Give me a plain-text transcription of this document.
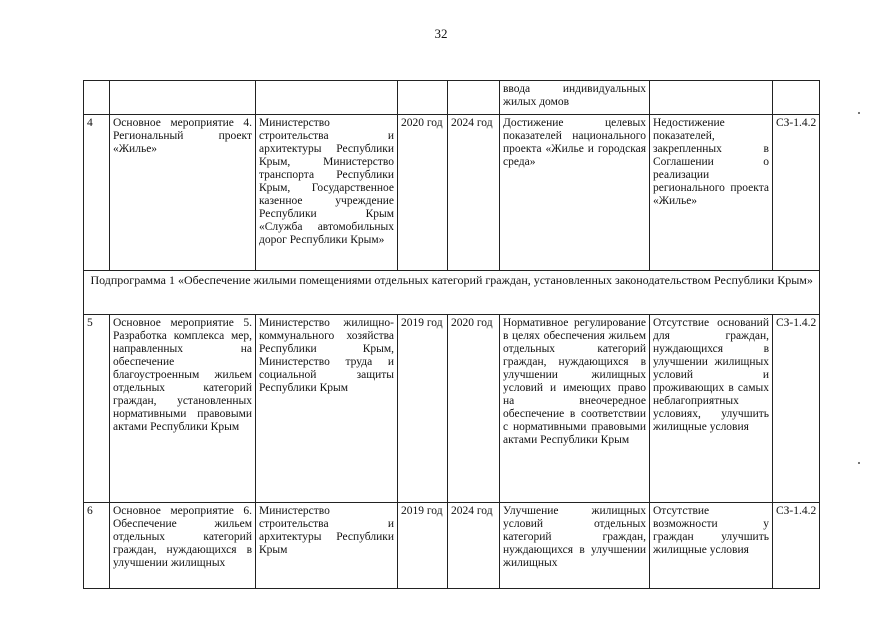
32
					ввода индивидуальных жилых домов		
4	Основное мероприятие 4. Региональный проект «Жилье»	Министерство строительства и архитектуры Республики Крым, Министерство транспорта Республики Крым, Государственное казенное учреждение Республики Крым «Служба автомобильных дорог Республики Крым»	2020 год	2024 год	Достижение целевых показателей национального проекта «Жилье и городская среда»	Недостижение показателей, закрепленных в Соглашении о реализации регионального проекта «Жилье»	СЗ-1.4.2
Подпрограмма 1 «Обеспечение жилыми помещениями отдельных категорий граждан, установленных законодательством Республики Крым»							
5	Основное мероприятие 5. Разработка комплекса мер, направленных на обеспечение благоустроенным жильем отдельных категорий граждан, установленных нормативными правовыми актами Республики Крым	Министерство жилищно-коммунального хозяйства Республики Крым, Министерство труда и социальной защиты Республики Крым	2019 год	2020 год	Нормативное регулирование в целях обеспечения жильем отдельных категорий граждан, нуждающихся в улучшении жилищных условий и имеющих право на внеочередное обеспечение в соответствии с нормативными правовыми актами Республики Крым	Отсутствие оснований для граждан, нуждающихся в улучшении жилищных условий и проживающих в самых неблагоприятных условиях, улучшить жилищные условия	СЗ-1.4.2
6	Основное мероприятие 6. Обеспечение жильем отдельных категорий граждан, нуждающихся в улучшении жилищных	Министерство строительства и архитектуры Республики Крым	2019 год	2024 год	Улучшение жилищных условий отдельных категорий граждан, нуждающихся в улучшении жилищных	Отсутствие возможности у граждан улучшить жилищные условия	СЗ-1.4.2
